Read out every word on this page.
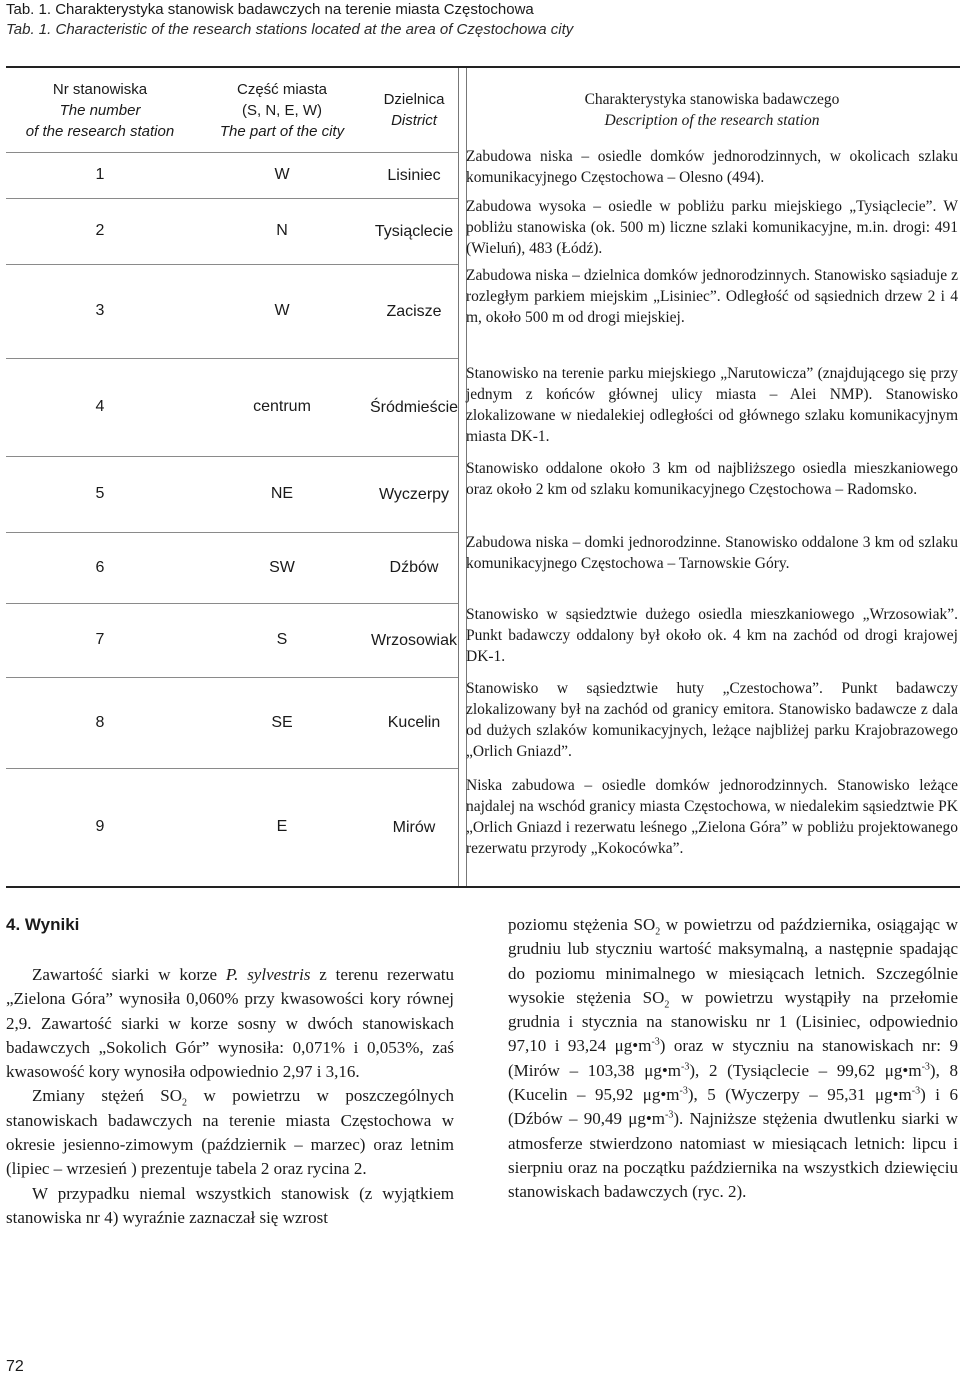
Tab. 1. Charakterystyka stanowisk badawczych na terenie miasta Częstochowa
Tab. 1. Characteristic of the research stations located at the area of Częstochowa city
Nr stanowiska
The number
of the research station
Część miasta
(S, N, E, W)
The part of the city
Dzielnica
District
Charakterystyka stanowiska badawczego
Description of the research station
1	W	Lisiniec
Zabudowa niska – osiedle domków jednorodzinnych, w okolicach szlaku komunikacyjnego Częstochowa – Olesno (494).
2	N	Tysiąclecie
Zabudowa wysoka – osiedle w pobliżu parku miejskiego „Tysiąclecie”. W pobliżu stanowiska (ok. 500 m) liczne szlaki komunikacyjne, m.in. drogi: 491 (Wieluń), 483 (Łódź).
3	W	Zacisze
Zabudowa niska – dzielnica domków jednorodzinnych. Stanowisko sąsiaduje z rozległym parkiem miejskim „Lisiniec”. Odległość od sąsiednich drzew 2 i 4 m, około 500 m od drogi miejskiej.
4	centrum	Śródmieście
Stanowisko na terenie parku miejskiego „Narutowicza” (znajdującego się przy jednym z końców głównej ulicy miasta – Alei NMP). Stanowisko zlokalizowane w niedalekiej odległości od głównego szlaku komunikacyjnym miasta DK-1.
5	NE	Wyczerpy
Stanowisko oddalone około 3 km od najbliższego osiedla mieszkaniowego oraz około 2 km od szlaku komunikacyjnego Częstochowa – Radomsko.
6	SW	Dźbów
Zabudowa niska – domki jednorodzinne. Stanowisko oddalone 3 km od szlaku komunikacyjnego Częstochowa – Tarnowskie Góry.
7	S	Wrzosowiak
Stanowisko w sąsiedztwie dużego osiedla mieszkaniowego „Wrzosowiak”. Punkt badawczy oddalony był około ok. 4 km na zachód od drogi krajowej DK-1.
8	SE	Kucelin
Stanowisko w sąsiedztwie huty „Czestochowa”. Punkt badawczy zlokalizowany był na zachód od granicy emitora. Stanowisko badawcze z dala od dużych szlaków komunikacyjnych, leżące najbliżej parku Krajobrazowego „Orlich Gniazd”.
9	E	Mirów
Niska zabudowa – osiedle domków jednorodzinnych. Stanowisko leżące najdalej na wschód granicy miasta Częstochowa, w niedalekim sąsiedztwie PK „Orlich Gniazd i rezerwatu leśnego „Zielona Góra” w pobliżu projektowanego rezerwatu przyrody „Kokocówka”.
4. Wyniki

Zawartość siarki w korze P. sylvestris z terenu rezerwatu „Zielona Góra” wynosiła 0,060% przy kwasowości kory równej 2,9. Zawartość siarki w korze sosny w dwóch stanowiskach badawczych „Sokolich Gór” wynosiła: 0,071% i 0,053%, zaś kwasowość kory wynosiła odpowiednio 2,97 i 3,16.

Zmiany stężeń $SO_2$ w powietrzu w poszczególnych stanowiskach badawczych na terenie miasta Częstochowa w okresie jesienno-zimowym (październik – marzec) oraz letnim (lipiec – wrzesień ) prezentuje tabela 2 oraz rycina 2.

W przypadku niemal wszystkich stanowisk (z wyjątkiem stanowiska nr 4) wyraźnie zaznaczał się wzrost

poziomu stężenia $SO_2$ w powietrzu od października, osiągając w grudniu lub styczniu wartość maksymalną, a następnie spadając do poziomu minimalnego w miesiącach letnich. Szczególnie wysokie stężenia $SO_2$ w powietrzu wystąpiły na przełomie grudnia i stycznia na stanowisku nr 1 (Lisiniec, odpowiednio 97,10 i 93,24 $\mu g•m^{-3}$) oraz w styczniu na stanowiskach nr: 9 (Mirów – 103,38 $\mu g•m^{-3}$), 2 (Tysiąclecie – 99,62 $\mu g•m^{-3}$), 8 (Kucelin – 95,92 $\mu g•m^{-3}$), 5 (Wyczerpy – 95,31 $\mu g•m^{-3}$) i 6 (Dźbów – 90,49 $\mu g•m^{-3}$). Najniższe stężenia dwutlenku siarki w atmosferze stwierdzono natomiast w miesiącach letnich: lipcu i sierpniu oraz na początku października na wszystkich dziewięciu stanowiskach badawczych (ryc. 2).

72
